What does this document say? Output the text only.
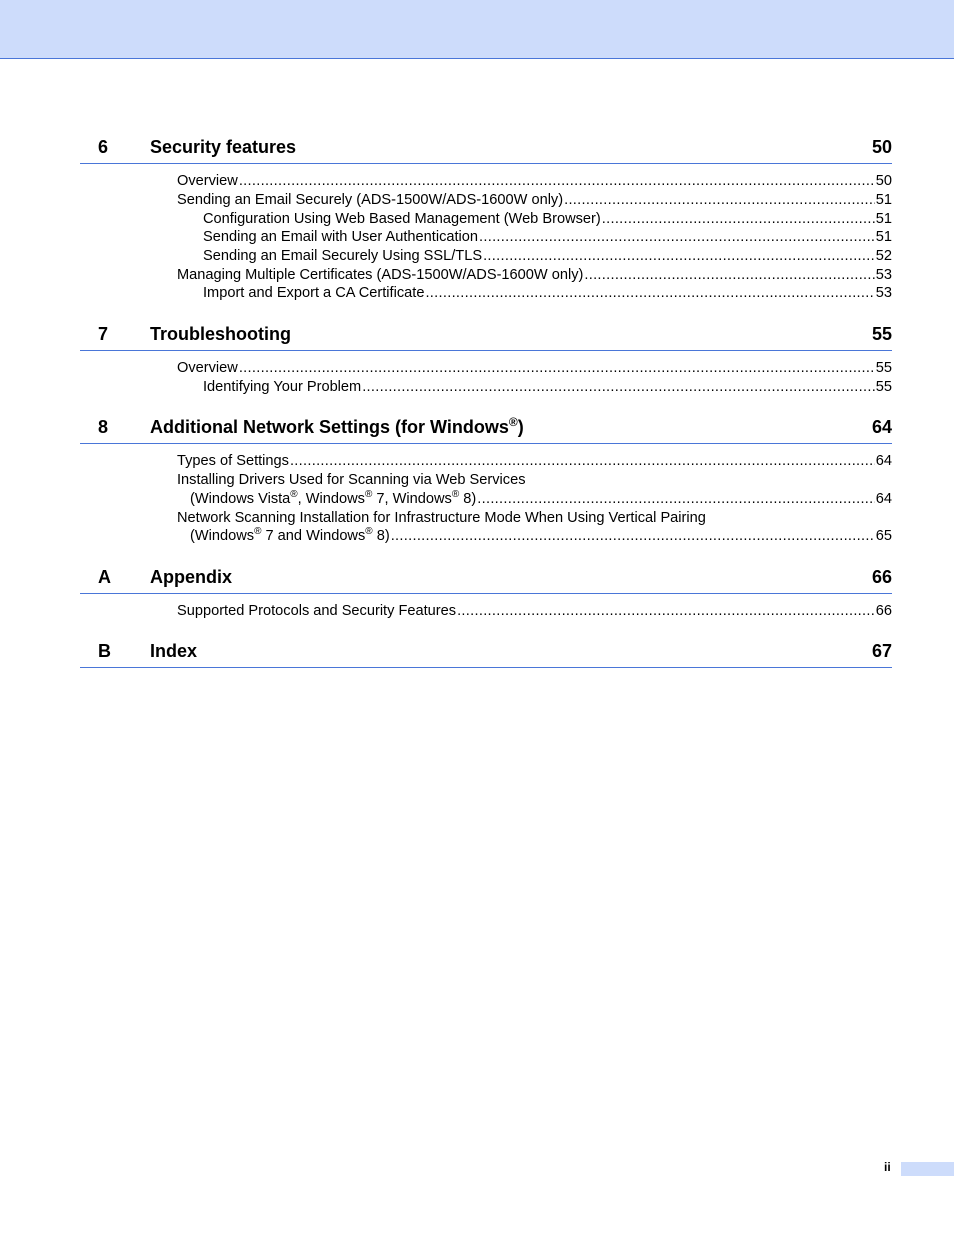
6 Security features	50
Overview .....	50
Sending an Email Securely (ADS-1500W/ADS-1600W only) .....	51
Configuration Using Web Based Management (Web Browser) .....	51
Sending an Email with User Authentication .....	51
Sending an Email Securely Using SSL/TLS .....	52
Managing Multiple Certificates (ADS-1500W/ADS-1600W only) .....	53
Import and Export a CA Certificate .....	53
7 Troubleshooting	55
Overview .....	55
Identifying Your Problem .....	55
8 Additional Network Settings (for Windows®)	64
Types of Settings .....	64
Installing Drivers Used for Scanning via Web Services
(Windows Vista®, Windows® 7, Windows® 8) .....	64
Network Scanning Installation for Infrastructure Mode When Using Vertical Pairing
(Windows® 7 and Windows® 8) .....	65
A Appendix	66
Supported Protocols and Security Features .....	66
B Index	67
ii
